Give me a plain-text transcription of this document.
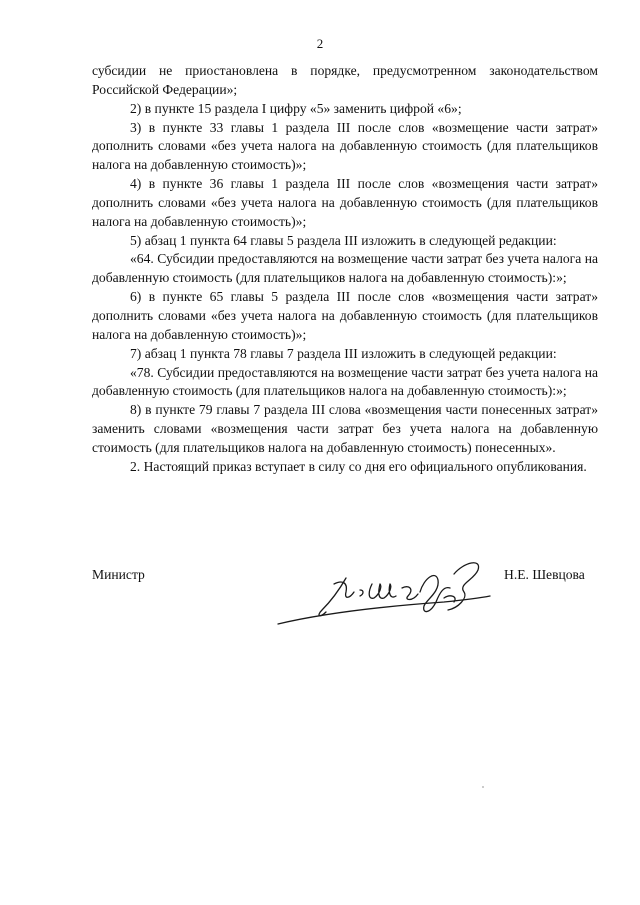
2

субсидии не приостановлена в порядке, предусмотренном законодательством Российской Федерации»;

2) в пункте 15 раздела I цифру «5» заменить цифрой «6»;

3) в пункте 33 главы 1 раздела III после слов «возмещение части затрат» дополнить словами «без учета налога на добавленную стоимость (для плательщиков налога на добавленную стоимость)»;

4) в пункте 36 главы 1 раздела III после слов «возмещения части затрат» дополнить словами «без учета налога на добавленную стоимость (для плательщиков налога на добавленную стоимость)»;

5) абзац 1 пункта 64 главы 5 раздела III изложить в следующей редакции:

«64. Субсидии предоставляются на возмещение части затрат без учета налога на добавленную стоимость (для плательщиков налога на добавленную стоимость):»;

6) в пункте 65 главы 5 раздела III после слов «возмещения части затрат» дополнить словами «без учета налога на добавленную стоимость (для плательщиков налога на добавленную стоимость)»;

7) абзац 1 пункта 78 главы 7 раздела III изложить в следующей редакции:

«78. Субсидии предоставляются на возмещение части затрат без учета налога на добавленную стоимость (для плательщиков налога на добавленную стоимость):»;

8) в пункте 79 главы 7 раздела III слова «возмещения части понесенных затрат» заменить словами «возмещения части затрат без учета налога на добавленную стоимость (для плательщиков налога на добавленную стоимость) понесенных».

2. Настоящий приказ вступает в силу со дня его официального опубликования.

Министр	Н.Е. Шевцова
